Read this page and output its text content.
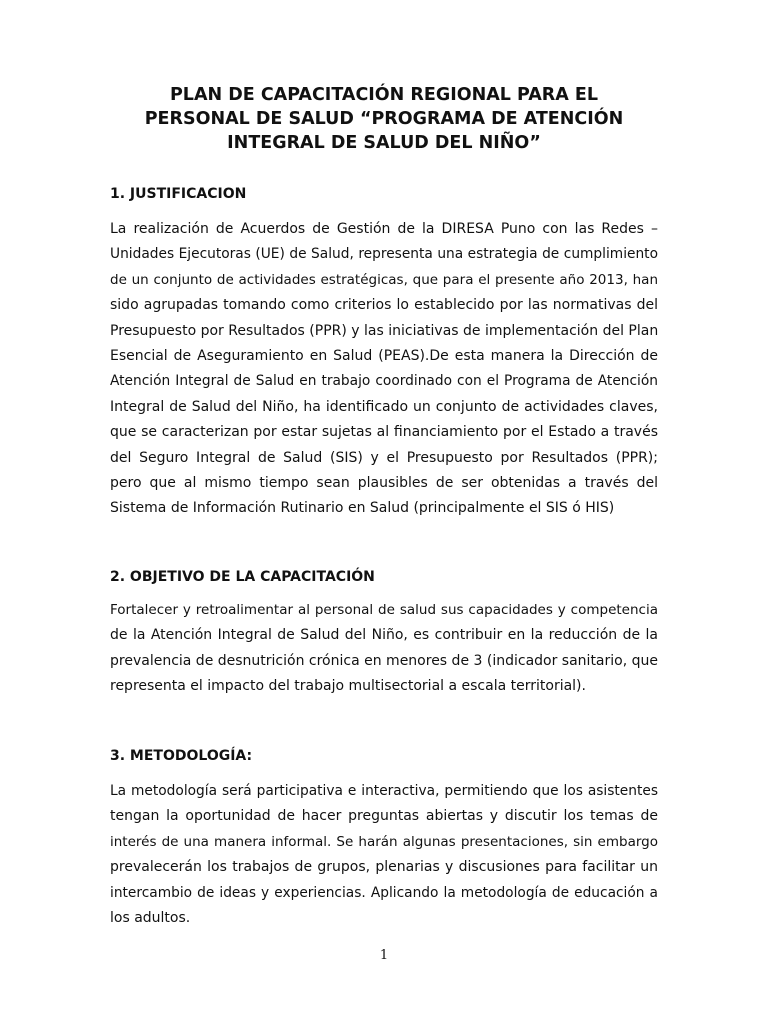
PLAN DE CAPACITACIÓN REGIONAL PARA EL
PERSONAL DE SALUD “PROGRAMA DE ATENCIÓN
INTEGRAL DE SALUD DEL NIÑO”
1. JUSTIFICACION
La realización de Acuerdos de Gestión de la DIRESA Puno con las Redes –
Unidades Ejecutoras (UE) de Salud, representa una estrategia de cumplimiento
de un conjunto de actividades estratégicas, que para el presente año 2013, han
sido agrupadas tomando como criterios lo establecido por las normativas del
Presupuesto por Resultados (PPR) y las iniciativas de implementación del Plan
Esencial de Aseguramiento en Salud (PEAS).De esta manera la Dirección de
Atención Integral de Salud en trabajo coordinado con el Programa de Atención
Integral de Salud del Niño, ha identificado un conjunto de actividades claves,
que se caracterizan por estar sujetas al financiamiento por el Estado a través
del Seguro Integral de Salud (SIS) y el Presupuesto por Resultados (PPR);
pero que al mismo tiempo sean plausibles de ser obtenidas a través del
Sistema de Información Rutinario en Salud (principalmente el SIS ó HIS)
2. OBJETIVO DE LA CAPACITACIÓN
Fortalecer y retroalimentar al personal de salud sus capacidades y competencia
de la Atención Integral de Salud del Niño, es contribuir en la reducción de la
prevalencia de desnutrición crónica en menores de 3 (indicador sanitario, que
representa el impacto del trabajo multisectorial a escala territorial).
3. METODOLOGÍA:
La metodología será participativa e interactiva, permitiendo que los asistentes
tengan la oportunidad de hacer preguntas abiertas y discutir los temas de
interés de una manera informal. Se harán algunas presentaciones, sin embargo
prevalecerán los trabajos de grupos, plenarias y discusiones para facilitar un
intercambio de ideas y experiencias. Aplicando la metodología de educación a
los adultos.
1
